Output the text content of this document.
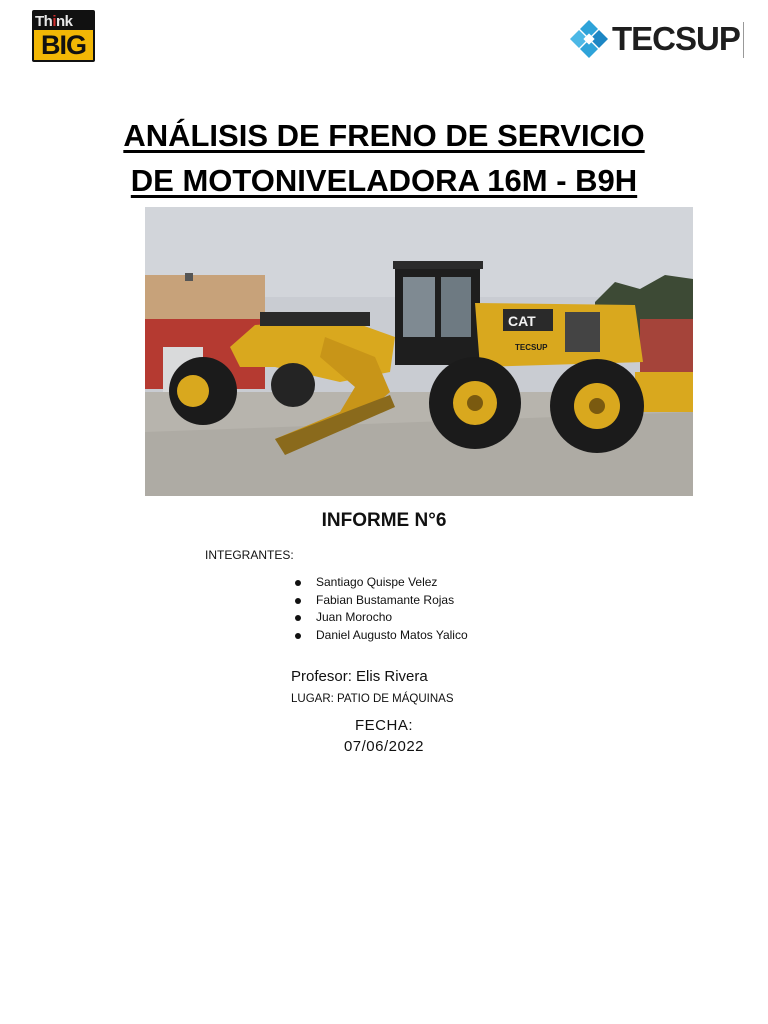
Think
BIG	TECSUP
ANÁLISIS DE FRENO DE SERVICIO
DE MOTONIVELADORA 16M - B9H
CAT
TECSUP
INFORME N°6
INTEGRANTES:
Santiago Quispe Velez
Fabian Bustamante Rojas
Juan Morocho
Daniel Augusto Matos Yalico
Profesor: Elis Rivera
LUGAR: PATIO DE MÁQUINAS
FECHA:
07/06/2022
